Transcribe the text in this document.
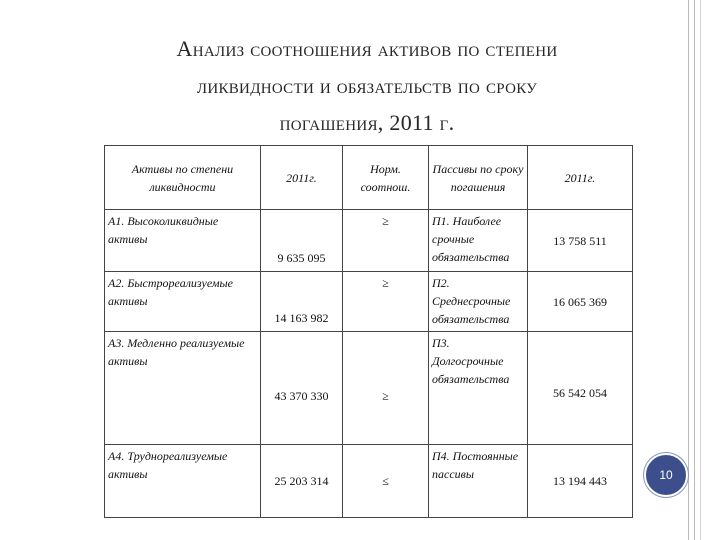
Анализ соотношения активов по степени
ликвидности и обязательств по сроку
погашения, 2011 г.
Активы по степени ликвидности	2011г.	Норм. соотнош.	Пассивы по сроку погашения	2011г.
А1. Высоколиквидные активы	9 635 095	≥	П1. Наиболее срочные обязательства	13 758 511
А2. Быстрореализуемые активы	14 163 982	≥	П2. Среднесрочные обязательства	16 065 369
А3. Медленно реализуемые активы	43 370 330	≥	П3. Долгосрочные обязательства	56 542 054
А4. Труднореализуемые активы	25 203 314	≤	П4. Постоянные пассивы	13 194 443	10
